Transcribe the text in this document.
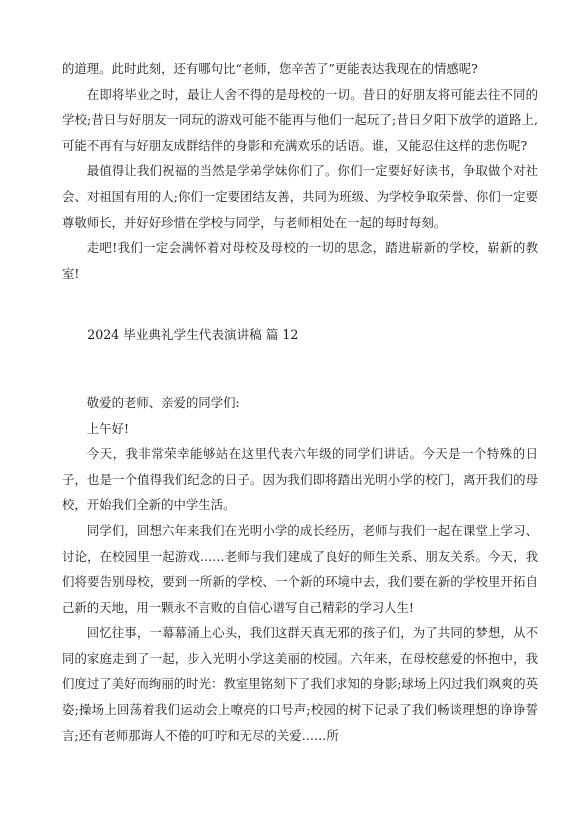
的道理。此时此刻，还有哪句比“老师，您辛苦了”更能表达我现在的情感呢?

在即将毕业之时，最让人舍不得的是母校的一切。昔日的好朋友将可能去往不同的学校;昔日与好朋友一同玩的游戏可能不能再与他们一起玩了;昔日夕阳下放学的道路上,可能不再有与好朋友成群结伴的身影和充满欢乐的话语。谁，又能忍住这样的悲伤呢?

最值得让我们祝福的当然是学弟学妹你们了。你们一定要好好读书，争取做个对社会、对祖国有用的人;你们一定要团结友善，共同为班级、为学校争取荣誉、你们一定要尊敬师长，并好好珍惜在学校与同学，与老师相处在一起的每时每刻。

走吧!我们一定会满怀着对母校及母校的一切的思念，踏进崭新的学校，崭新的教室!

2024 毕业典礼学生代表演讲稿 篇 12

敬爱的老师、亲爱的同学们:

上午好!

今天，我非常荣幸能够站在这里代表六年级的同学们讲话。今天是一个特殊的日子，也是一个值得我们纪念的日子。因为我们即将踏出光明小学的校门，离开我们的母校，开始我们全新的中学生活。

同学们，回想六年来我们在光明小学的成长经历，老师与我们一起在课堂上学习、讨论，在校园里一起游戏……老师与我们建成了良好的师生关系、朋友关系。今天，我们将要告别母校，要到一所新的学校、一个新的环境中去，我们要在新的学校里开拓自己新的天地，用一颗永不言败的自信心谱写自己精彩的学习人生!

回忆往事，一幕幕涌上心头，我们这群天真无邪的孩子们，为了共同的梦想，从不同的家庭走到了一起，步入光明小学这美丽的校园。六年来，在母校慈爱的怀抱中，我们度过了美好而绚丽的时光：教室里铭刻下了我们求知的身影;球场上闪过我们飒爽的英姿;操场上回荡着我们运动会上嘹亮的口号声;校园的树下记录了我们畅谈理想的诤诤誓言;还有老师那诲人不倦的叮咛和无尽的关爱……所
